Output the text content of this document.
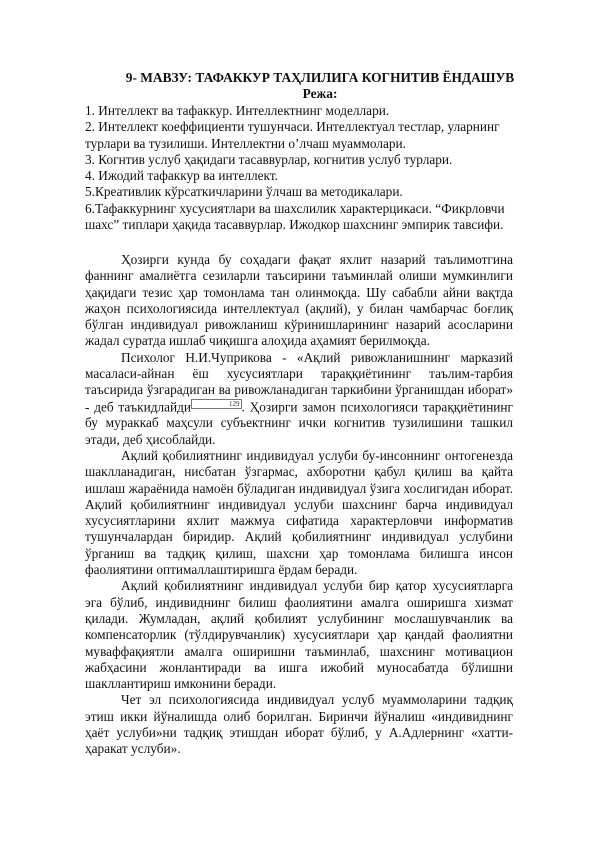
9- МАВЗУ: ТАФАККУР ТАҲЛИЛИГА КОГНИТИВ ЁНДАШУВ
Режа:

1. Интеллект ва тафаккур. Интеллектнинг моделлари.

2. Интеллект коеффициенти тушунчаси. Интеллектуал тестлар, уларнинг

турлари ва тузилиши. Интеллектни о’лчаш муаммолари.

3. Когнтив услуб ҳақидаги тасаввурлар, когнитив услуб турлари.

4. Ижодий тафаккур ва интеллект.

5.Креативлик кўрсаткичларини ўлчаш ва методикалари.

6.Тафаккурнинг хусусиятлари ва шахслилик характерцикаси. “Фикрловчи

шахс” типлари ҳақида тасаввурлар. Ижодкор шахснинг эмпирик тавсифи.

Ҳозирги кунда бу соҳадаги фақат яхлит назарий таълимотгина фаннинг амалиётга сезиларли таъсирини таъминлай олиши мумкинлиги ҳақидаги тезис ҳар томонлама тан олинмоқда. Шу сабабли айни вақтда жаҳон психологиясида интеллектуал (ақлий), у билан чамбарчас боғлиқ бўлган индивидуал ривожланиш кўринишларининг назарий асосларини жадал суратда ишлаб чиқишга алоҳида аҳамият берилмоқда.

Психолог Н.И.Чуприкова - «Ақлий ривожланишнинг марказий масаласи-айнан ёш хусусиятлари тараққиётининг таълим-тарбия таъсирида ўзгарадиган ва ривожланадиган таркибини ўрганишдан иборат» - деб таъкидлайди	129 . Ҳозирги замон психологияси тараққиётининг бу мураккаб маҳсули субъектнинг ички когнитив тузилишини ташкил этади, деб ҳисоблайди.

Ақлий қобилиятнинг индивидуал услуби бу-инсоннинг онтогенезда шаклланадиган, нисбатан ўзгармас, ахборотни қабул қилиш ва қайта ишлаш жараёнида намоён бўладиган индивидуал ўзига хослигидан иборат. Ақлий қобилиятнинг индивидуал услуби шахснинг барча индивидуал хусусиятларини яхлит мажмуа сифатида характерловчи информатив тушунчалардан биридир. Ақлий қобилиятнинг индивидуал услубини ўрганиш ва тадқиқ қилиш, шахсни ҳар томонлама билишга инсон фаолиятини оптималлаштиришга ёрдам беради.

Ақлий қобилиятнинг индивидуал услуби бир қатор хусусиятларга эга бўлиб, индивиднинг билиш фаолиятини амалга оширишга хизмат қилади. Жумладан, ақлий қобилият услубининг мослашувчанлик ва компенсаторлик (тўлдирувчанлик) хусусиятлари ҳар қандай фаолиятни муваффақиятли амалга оширишни таъминлаб, шахснинг мотивацион жабҳасини жонлантиради ва ишга ижобий муносабатда бўлишни шакллантириш имконини беради.

Чет эл психологиясида индивидуал услуб муаммоларини тадқиқ этиш икки йўналишда олиб борилган. Биринчи йўналиш «индивиднинг ҳаёт услуби»ни тадқиқ этишдан иборат бўлиб, у А.Адлернинг «хатти-ҳаракат услуби».
